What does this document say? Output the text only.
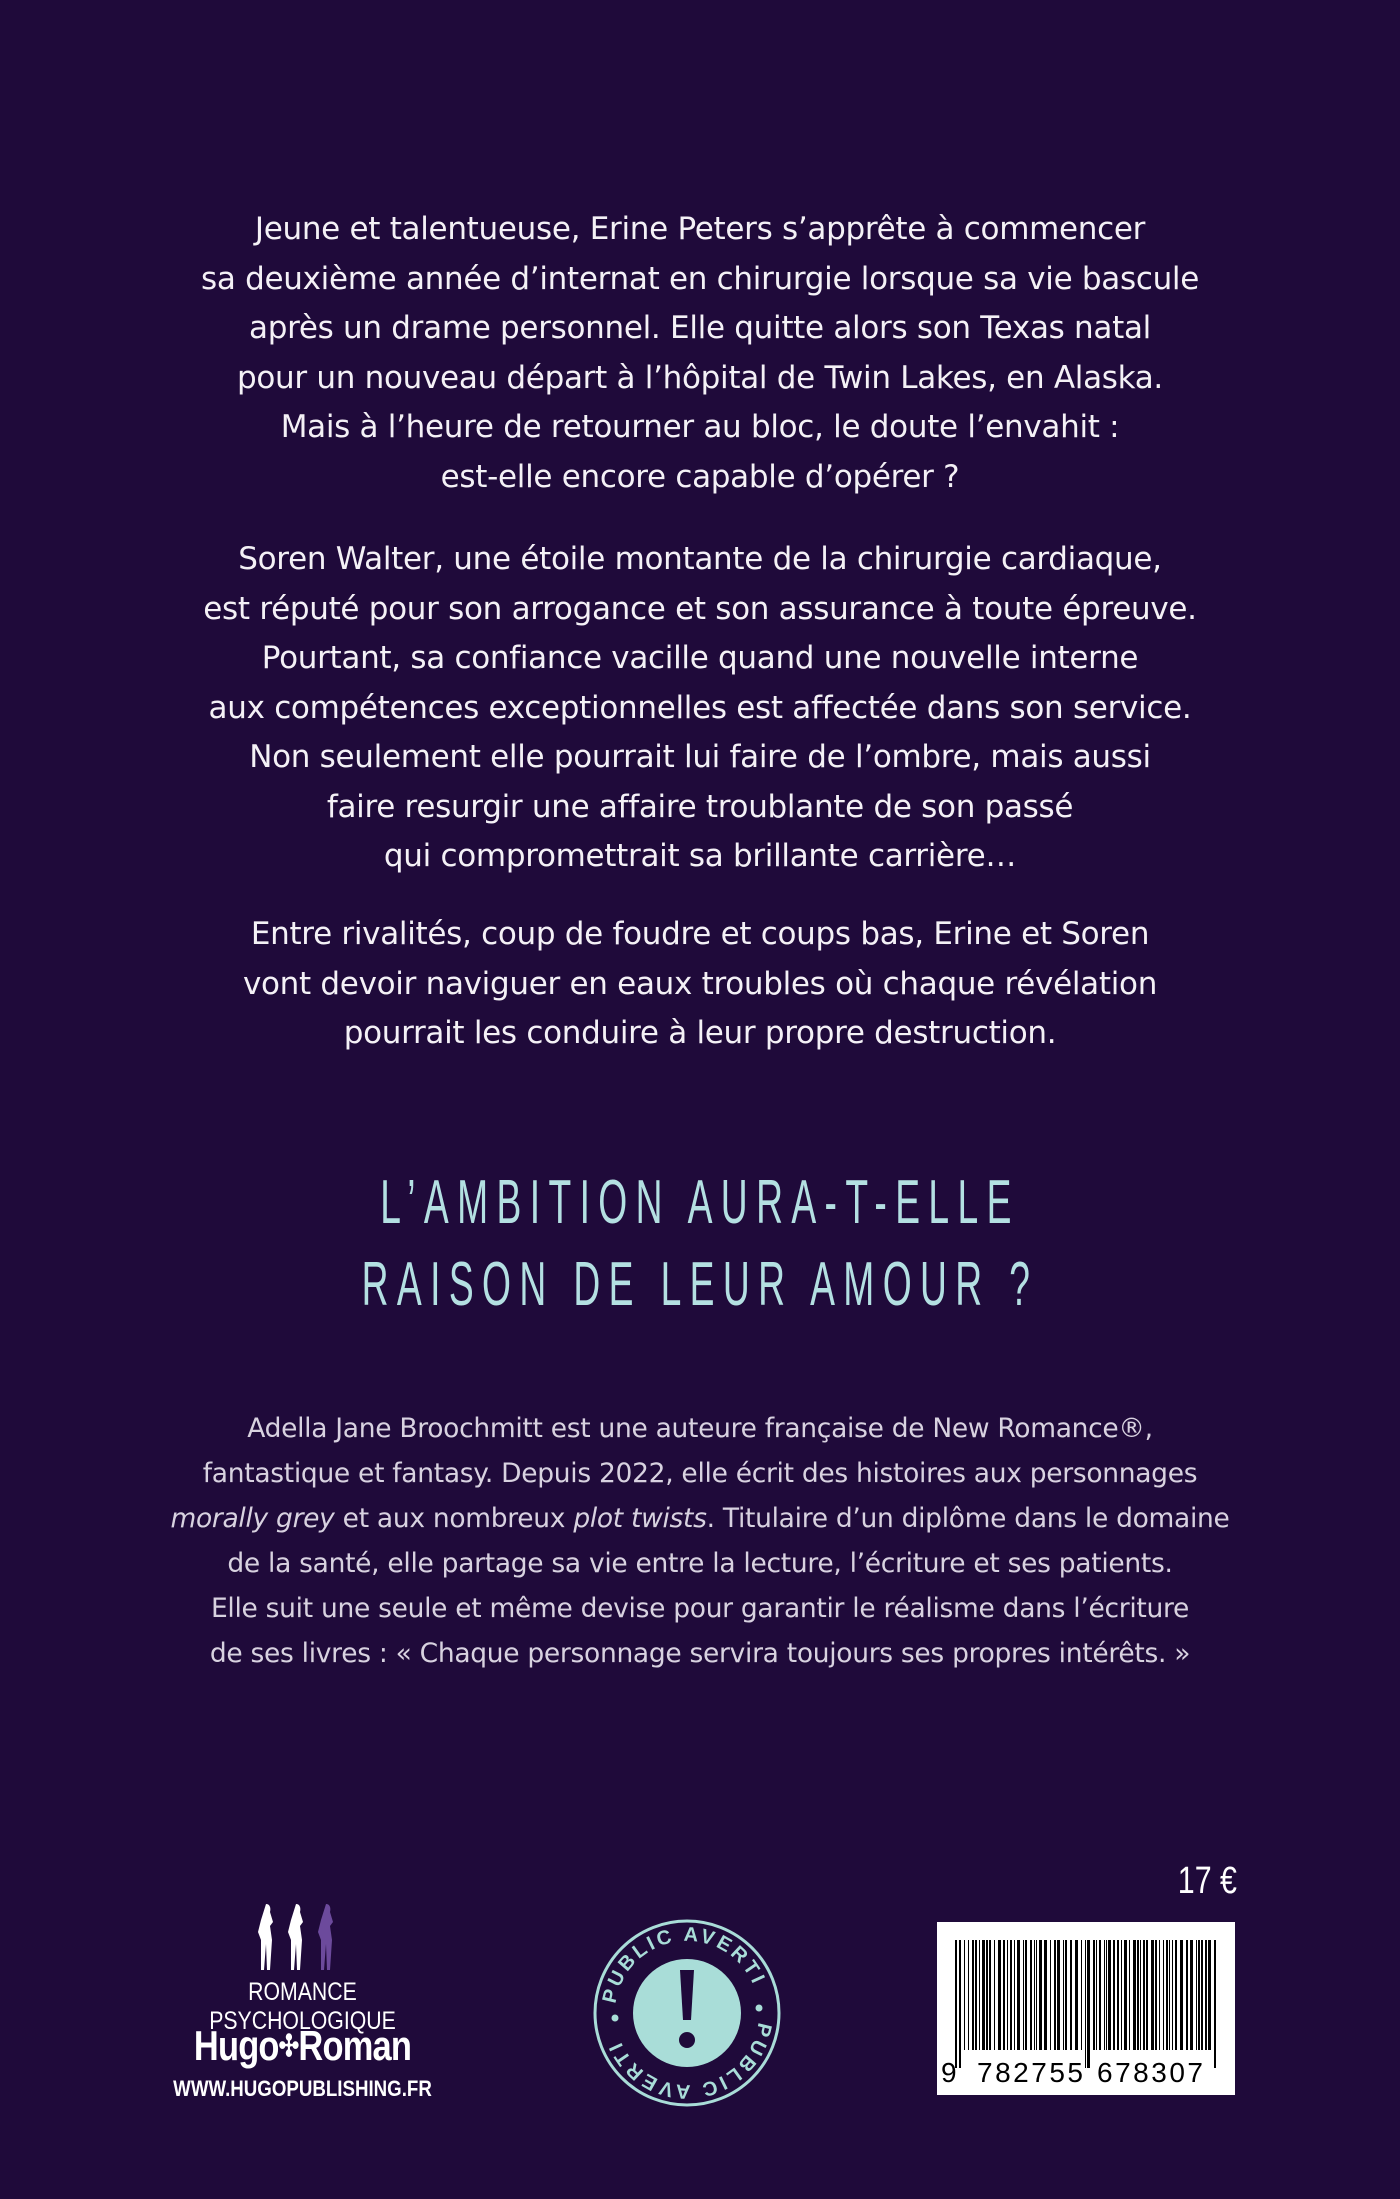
Jeune et talentueuse, Erine Peters s’apprête à commencer
sa deuxième année d’internat en chirurgie lorsque sa vie bascule
après un drame personnel. Elle quitte alors son Texas natal
pour un nouveau départ à l’hôpital de Twin Lakes, en Alaska.
Mais à l’heure de retourner au bloc, le doute l’envahit :
est-elle encore capable d’opérer ?
Soren Walter, une étoile montante de la chirurgie cardiaque,
est réputé pour son arrogance et son assurance à toute épreuve.
Pourtant, sa confiance vacille quand une nouvelle interne
aux compétences exceptionnelles est affectée dans son service.
Non seulement elle pourrait lui faire de l’ombre, mais aussi
faire resurgir une affaire troublante de son passé
qui compromettrait sa brillante carrière…
Entre rivalités, coup de foudre et coups bas, Erine et Soren
vont devoir naviguer en eaux troubles où chaque révélation
pourrait les conduire à leur propre destruction.
L’AMBITION AURA-T-ELLE
RAISON DE LEUR AMOUR ?
Adella Jane Broochmitt est une auteure française de New Romance®,
fantastique et fantasy. Depuis 2022, elle écrit des histoires aux personnages
morally grey et aux nombreux plot twists. Titulaire d’un diplôme dans le domaine
de la santé, elle partage sa vie entre la lecture, l’écriture et ses patients.
Elle suit une seule et même devise pour garantir le réalisme dans l’écriture
de ses livres : « Chaque personnage servira toujours ses propres intérêts. »
ROMANCE PSYCHOLOGIQUE
Hugo✣Roman
WWW.HUGOPUBLISHING.FR
PUBLIC AVERTI
PUBLIC AVERTI
17 €
9 782755 678307
